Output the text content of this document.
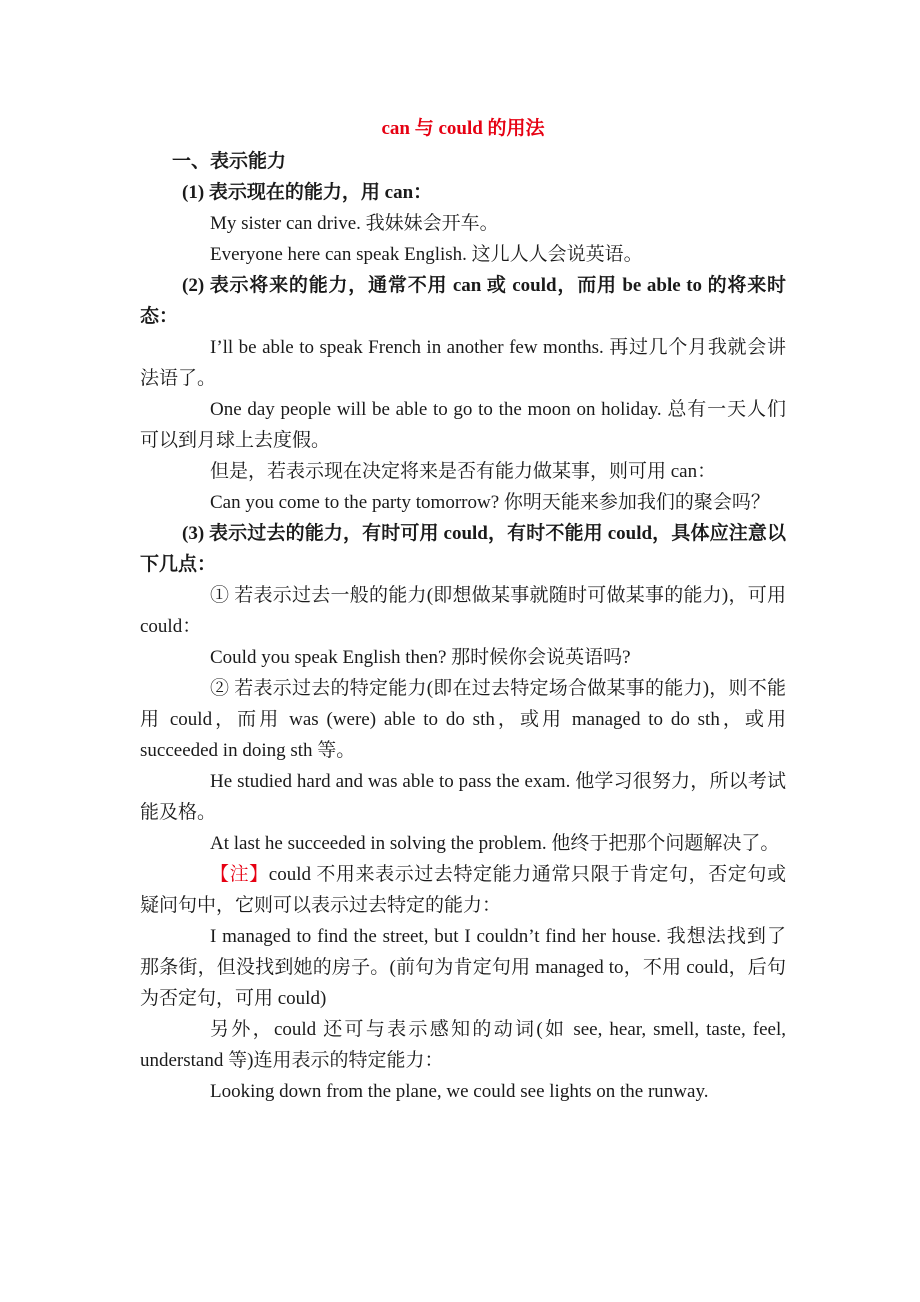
can 与 could 的用法

一、表示能力

(1) 表示现在的能力，用 can：

My sister can drive. 我妹妹会开车。

Everyone here can speak English. 这儿人人会说英语。

(2) 表示将来的能力，通常不用 can 或 could，而用 be able to 的将来时态：

I’ll be able to speak French in another few months. 再过几个月我就会讲法语了。

One day people will be able to go to the moon on holiday. 总有一天人们可以到月球上去度假。

但是，若表示现在决定将来是否有能力做某事，则可用 can：

Can you come to the party tomorrow? 你明天能来参加我们的聚会吗？

(3) 表示过去的能力，有时可用 could，有时不能用 could，具体应注意以下几点：

① 若表示过去一般的能力(即想做某事就随时可做某事的能力)，可用 could：

Could you speak English then? 那时候你会说英语吗?

② 若表示过去的特定能力(即在过去特定场合做某事的能力)，则不能用 could，而用 was (were) able to do sth，或用 managed to do sth，或用 succeeded in doing sth 等。

He studied hard and was able to pass the exam. 他学习很努力，所以考试能及格。

At last he succeeded in solving the problem. 他终于把那个问题解决了。

【注】could 不用来表示过去特定能力通常只限于肯定句，否定句或疑问句中，它则可以表示过去特定的能力：

I managed to find the street, but I couldn’t find her house. 我想法找到了那条街，但没找到她的房子。(前句为肯定句用 managed to，不用 could，后句为否定句，可用 could)

另外，could 还可与表示感知的动词(如 see, hear, smell, taste, feel, understand 等)连用表示的特定能力：

Looking down from the plane, we could see lights on the runway.
